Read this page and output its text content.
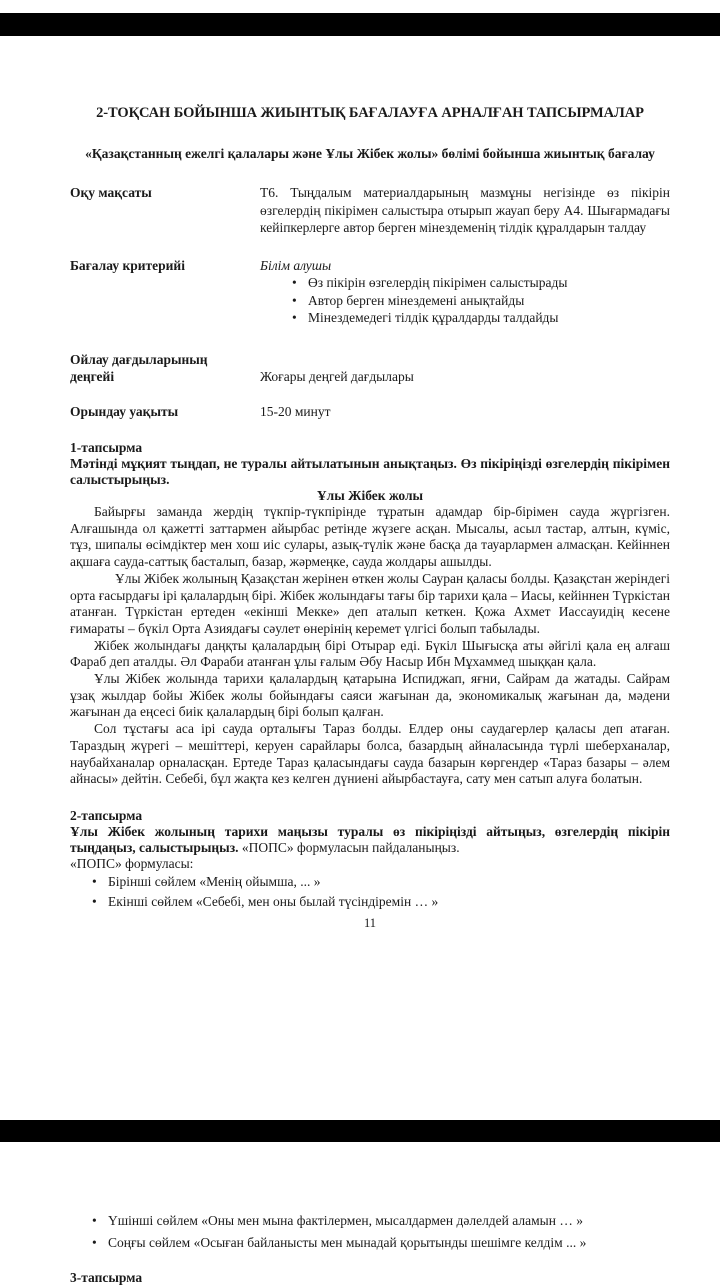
2-ТОҚСАН БОЙЫНША ЖИЫНТЫҚ БАҒАЛАУҒА АРНАЛҒАН ТАПСЫРМАЛАР
«Қазақстанның ежелгі қалалары және Ұлы Жібек жолы» бөлімі бойынша жиынтық бағалау
Оқу мақсаты	Т6. Тыңдалым материалдарының мазмұны негізінде өз пікірін өзгелердің пікірімен салыстыра отырып жауап беру А4. Шығармадағы кейіпкерлерге автор берген мінездеменің тілдік құралдарын талдау
Бағалау критерийі	Білім алушы
• Өз пікірін өзгелердің пікірімен салыстырады
• Автор берген мінездемені анықтайды
• Мінездемедегі тілдік құралдарды талдайды
Ойлау дағдыларының деңгейі	Жоғары деңгей дағдылары
Орындау уақыты	15-20 минут
1-тапсырма
Мәтінді мұқият тыңдап, не туралы айтылатынын анықтаңыз. Өз пікіріңізді өзгелердің пікірімен салыстырыңыз.
Ұлы Жібек жолы

Байырғы заманда жердің түкпір-түкпірінде тұратын адамдар бір-бірімен сауда жүргізген. Алғашында ол қажетті заттармен айырбас ретінде жүзеге асқан. Мысалы, асыл тастар, алтын, күміс, тұз, шипалы өсімдіктер мен хош иіс сулары, азық-түлік және басқа да тауарлармен алмасқан. Кейіннен ақшаға сауда-саттық басталып, базар, жәрмеңке, сауда жолдары ашылды.

Ұлы Жібек жолының Қазақстан жерінен өткен жолы Сауран қаласы болды. Қазақстан жеріндегі орта ғасырдағы ірі қалалардың бірі. Жібек жолындағы тағы бір тарихи қала – Иасы, кейіннен Түркістан атанған. Түркістан ертеден «екінші Мекке» деп аталып кеткен. Қожа Ахмет Иассауидің кесене ғимараты – бүкіл Орта Азиядағы сәулет өнерінің керемет үлгісі болып табылады.

Жібек жолындағы даңқты қалалардың бірі Отырар еді. Бүкіл Шығысқа аты әйгілі қала ең алғаш Фараб деп аталды. Әл Фараби атанған ұлы ғалым Әбу Насыр Ибн Мұхаммед шыққан қала.

Ұлы Жібек жолында тарихи қалалардың қатарына Испиджап, яғни, Сайрам да жатады. Сайрам ұзақ жылдар бойы Жібек жолы бойындағы саяси жағынан да, экономикалық жағынан да, мәдени жағынан да еңсесі биік қалалардың бірі болып қалған.

Сол тұстағы аса ірі сауда орталығы Тараз болды. Елдер оны саудагерлер қаласы деп атаған. Тараздың жүрегі – мешіттері, керуен сарайлары болса, базардың айналасында түрлі шеберханалар, наубайханалар орналасқан. Ертеде Тараз қаласындағы сауда базарын көргендер «Тараз базары – әлем айнасы» дейтін. Себебі, бұл жақта кез келген дүниені айырбастауға, сату мен сатып алуға болатын.

2-тапсырма
Ұлы Жібек жолының тарихи маңызы туралы өз пікіріңізді айтыңыз, өзгелердің пікірін тыңдаңыз, салыстырыңыз. «ПОПС» формуласын пайдаланыңыз.
«ПОПС» формуласы:
• Бірінші сөйлем «Менің ойымша, ... »
• Екінші сөйлем «Себебі, мен оны былай түсіндіремін … »
11
• Үшінші сөйлем «Оны мен мына фактілермен, мысалдармен дәлелдей аламын … »
• Соңғы сөйлем «Осыған байланысты мен мынадай қорытынды шешімге келдім ... »
3-тапсырма
